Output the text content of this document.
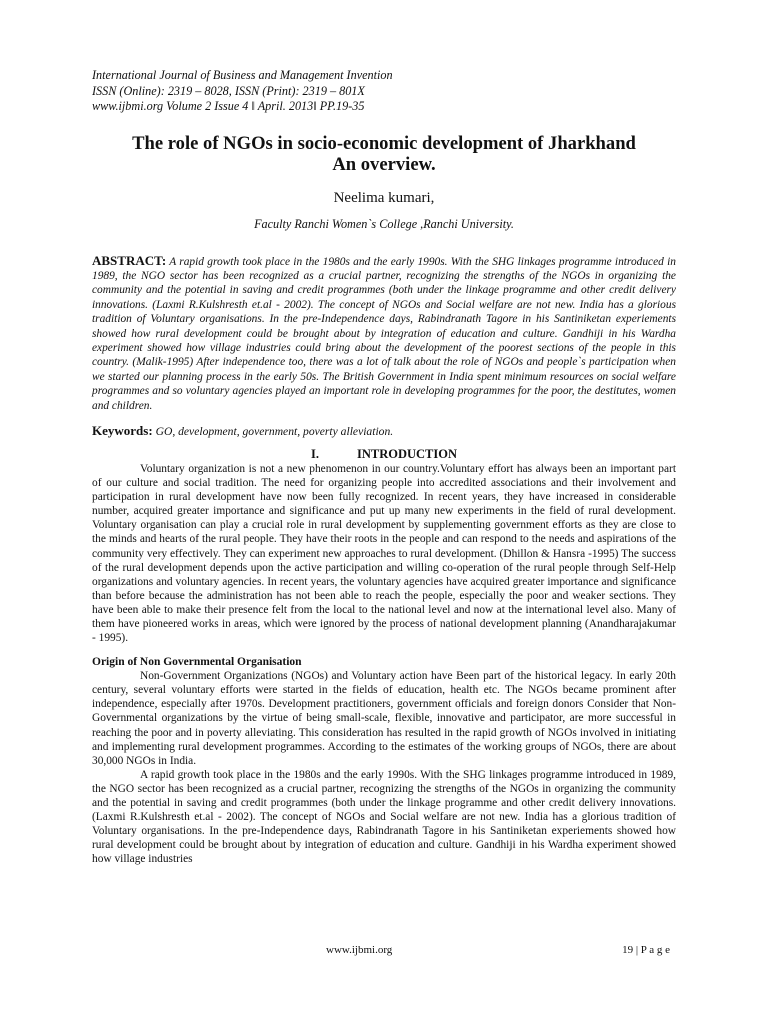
International Journal of Business and Management Invention
ISSN (Online): 2319 – 8028, ISSN (Print): 2319 – 801X
www.ijbmi.org Volume 2 Issue 4 ǁ April. 2013ǁ PP.19-35
The role of NGOs in socio-economic development of Jharkhand
An overview.
Neelima kumari,
Faculty Ranchi Women`s College ,Ranchi University.
ABSTRACT: A rapid growth took place in the 1980s and the early 1990s. With the SHG linkages programme introduced in 1989, the NGO sector has been recognized as a crucial partner, recognizing the strengths of the NGOs in organizing the community and the potential in saving and credit programmes (both under the linkage programme and other credit delivery innovations. (Laxmi R.Kulshresth et.al - 2002). The concept of NGOs and Social welfare are not new. India has a glorious tradition of Voluntary organisations. In the pre-Independence days, Rabindranath Tagore in his Santiniketan experiements showed how rural development could be brought about by integration of education and culture. Gandhiji in his Wardha experiment showed how village industries could bring about the development of the poorest sections of the people in this country. (Malik-1995) After independence too, there was a lot of talk about the role of NGOs and people`s participation when we started our planning process in the early 50s. The British Government in India spent minimum resources on social welfare programmes and so voluntary agencies played an important role in developing programmes for the poor, the destitutes, women and children.
Keywords: GO, development, government, poverty alleviation.
I.	INTRODUCTION

Voluntary organization is not a new phenomenon in our country.Voluntary effort has always been an important part of our culture and social tradition. The need for organizing people into accredited associations and their involvement and participation in rural development have now been fully recognized. In recent years, they have increased in considerable number, acquired greater importance and significance and put up many new experiments in the field of rural development. Voluntary organisation can play a crucial role in rural development by supplementing government efforts as they are close to the minds and hearts of the rural people. They have their roots in the people and can respond to the needs and aspirations of the community very effectively. They can experiment new approaches to rural development. (Dhillon & Hansra -1995) The success of the rural development depends upon the active participation and willing co-operation of the rural people through Self-Help organizations and voluntary agencies. In recent years, the voluntary agencies have acquired greater importance and significance than before because the administration has not been able to reach the people, especially the poor and weaker sections. They have been able to make their presence felt from the local to the national level and now at the international level also. Many of them have pioneered works in areas, which were ignored by the process of national development planning (Anandharajakumar - 1995).

Origin of Non Governmental Organisation

Non-Government Organizations (NGOs) and Voluntary action have Been part of the historical legacy. In early 20th century, several voluntary efforts were started in the fields of education, health etc. The NGOs became prominent after independence, especially after 1970s. Development practitioners, government officials and foreign donors Consider that Non-Governmental organizations by the virtue of being small-scale, flexible, innovative and participator, are more successful in reaching the poor and in poverty alleviating. This consideration has resulted in the rapid growth of NGOs involved in initiating and implementing rural development programmes. According to the estimates of the working groups of NGOs, there are about 30,000 NGOs in India.

A rapid growth took place in the 1980s and the early 1990s. With the SHG linkages programme introduced in 1989, the NGO sector has been recognized as a crucial partner, recognizing the strengths of the NGOs in organizing the community and the potential in saving and credit programmes (both under the linkage programme and other credit delivery innovations. (Laxmi R.Kulshresth et.al - 2002). The concept of NGOs and Social welfare are not new. India has a glorious tradition of Voluntary organisations. In the pre-Independence days, Rabindranath Tagore in his Santiniketan experiements showed how rural development could be brought about by integration of education and culture. Gandhiji in his Wardha experiment showed how village industries

www.ijbmi.org	19 | P a g e
